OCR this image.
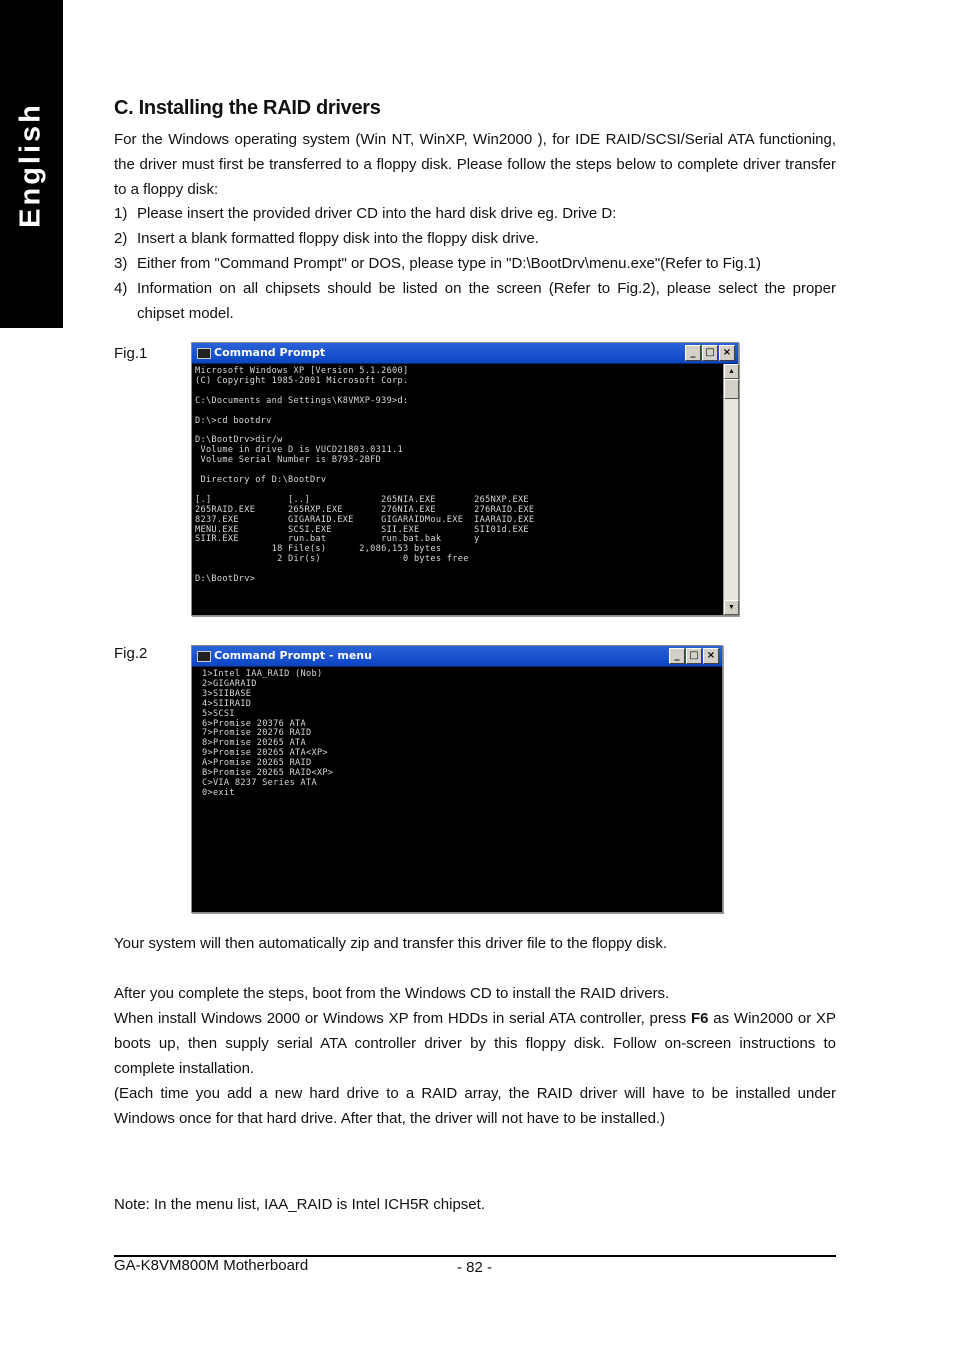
English	C. Installing the RAID drivers

For the Windows operating system (Win NT, WinXP, Win2000 ), for IDE RAID/SCSI/Serial ATA functioning, the driver must first be transferred to a floppy disk. Please follow the steps below to complete driver transfer to a floppy disk:

1) Please insert the provided driver CD into the hard disk drive eg. Drive D:
2) Insert a blank formatted floppy disk into the floppy disk drive.
3) Either from "Command Prompt" or DOS, please type in "D:\BootDrv\menu.exe"(Refer to Fig.1)
4) Information on all chipsets should be listed on the screen (Refer to Fig.2), please select the proper chipset model.
Fig.1	Command Prompt	_ □ ×
Microsoft Windows XP [Version 5.1.2600]
(C) Copyright 1985-2001 Microsoft Corp.

C:\Documents and Settings\K8VMXP-939>d:

D:\>cd bootdrv

D:\BootDrv>dir/w
Volume in drive D is VUCD21803.0311.1
Volume Serial Number is B793-2BFD

Directory of D:\BootDrv

[.]              [..]             265NIA.EXE       265NXP.EXE
265RAID.EXE      265RXP.EXE       276NIA.EXE       276RAID.EXE
8237.EXE         GIGARAID.EXE     GIGARAIDMou.EXE  IAARAID.EXE
MENU.EXE         SCSI.EXE         SII.EXE          SII01d.EXE
SIIR.EXE         run.bat          run.bat.bak      y
18 File(s)      2,086,153 bytes
2 Dir(s)               0 bytes free

D:\BootDrv>
▲
▼
Fig.2	Command Prompt - menu	_ □ ×
1>Intel IAA_RAID (Nob)
2>GIGARAID
3>SIIBASE
4>SIIRAID
5>SCSI
6>Promise 20376 ATA
7>Promise 20276 RAID
8>Promise 20265 ATA
9>Promise 20265 ATA<XP>
A>Promise 20265 RAID
B>Promise 20265 RAID<XP>
C>VIA 8237 Series ATA
0>exit

Your system will then automatically zip and transfer this driver file to the floppy disk.

After you complete the steps, boot from the Windows CD to install the RAID drivers.

When install Windows 2000 or Windows XP from HDDs in serial ATA controller, press F6 as Win2000 or XP boots up, then supply serial ATA controller driver by this floppy disk. Follow on-screen instructions to complete installation.

(Each time you add a new hard drive to a RAID array, the RAID driver will have to be installed under Windows once for that hard drive. After that, the driver will not have to be installed.)

Note: In the menu list, IAA_RAID is Intel ICH5R chipset.

GA-K8VM800M Motherboard	- 82 -
